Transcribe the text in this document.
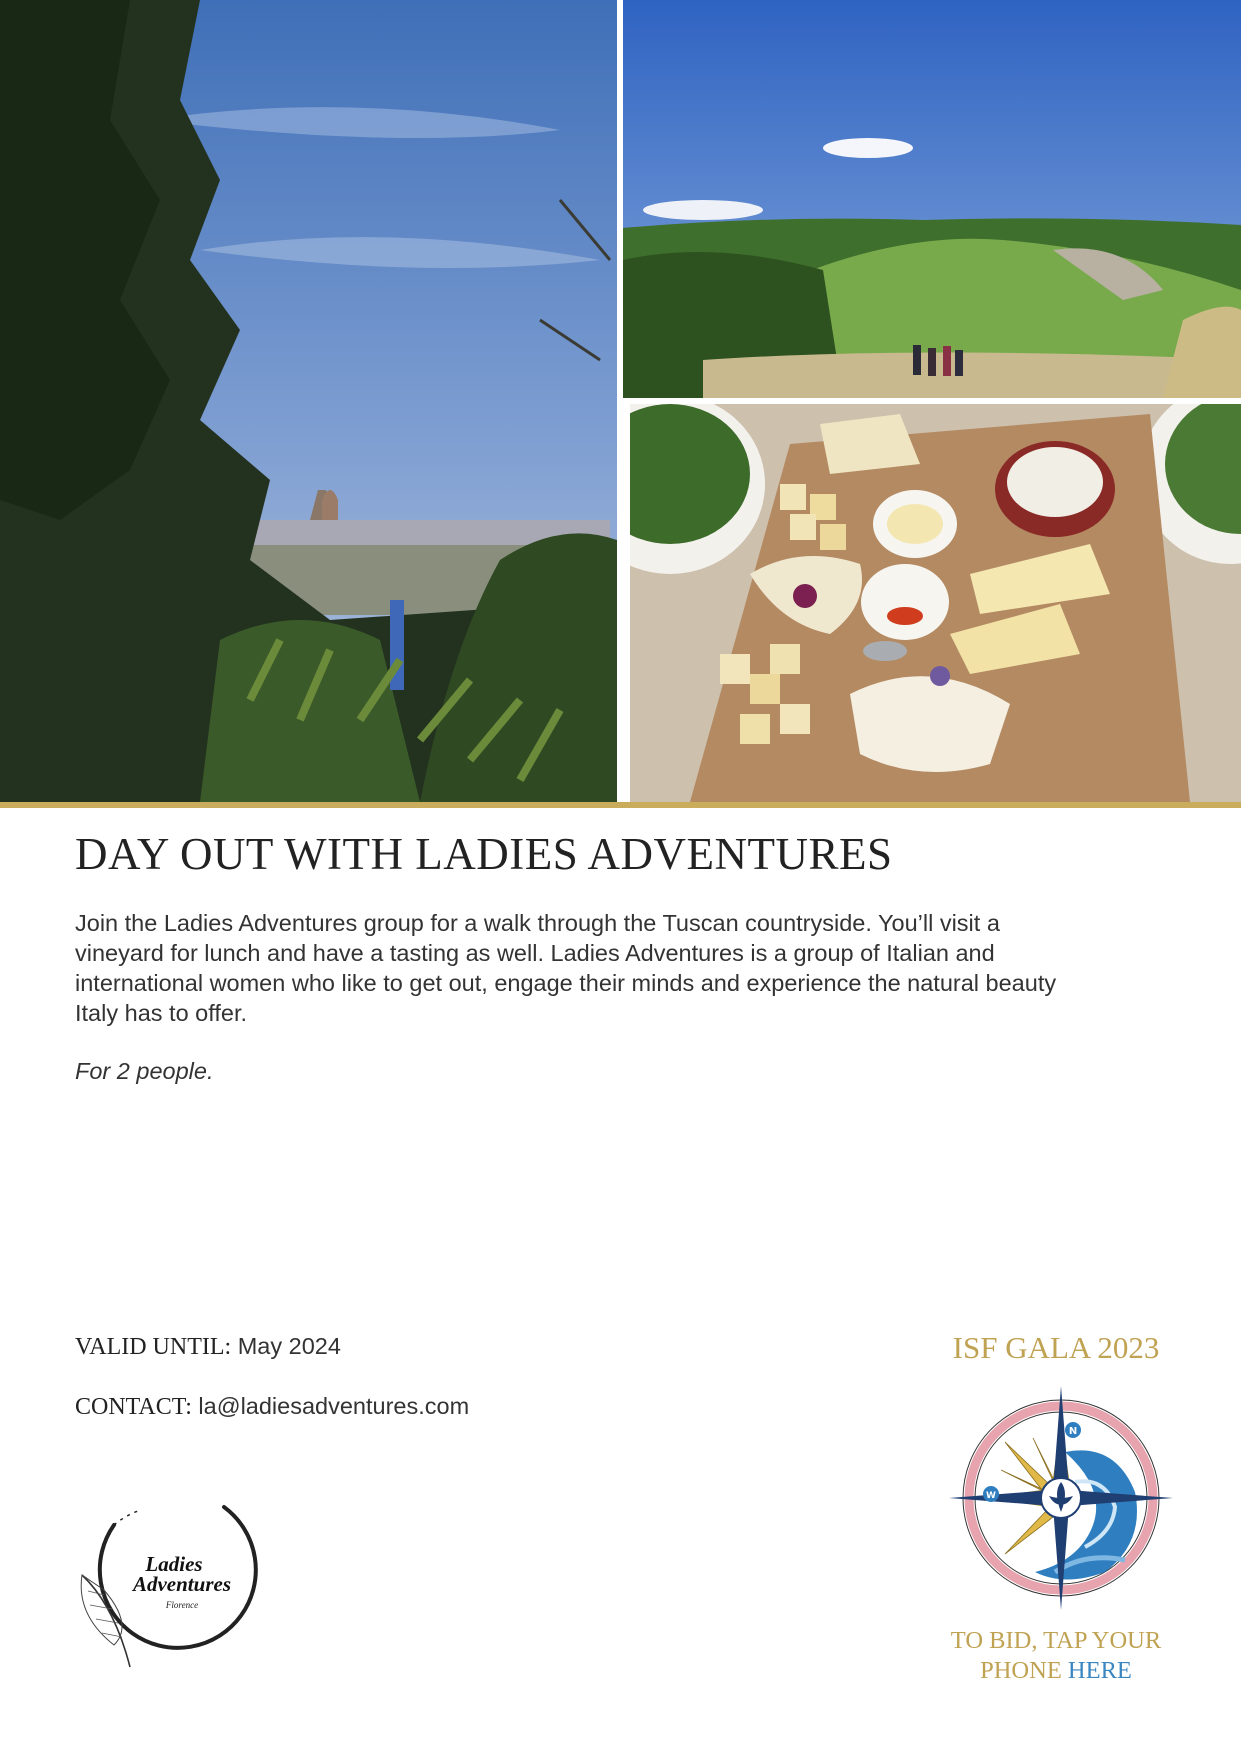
DAY OUT WITH LADIES ADVENTURES

Join the Ladies Adventures group for a walk through the Tuscan countryside. You’ll visit a vineyard for lunch and have a tasting as well. Ladies Adventures is a group of Italian and international women who like to get out, engage their minds and experience the natural beauty Italy has to offer.

For 2 people.

VALID UNTIL: May 2024
CONTACT: la@ladiesadventures.com
Ladies
Adventures
Florence
ISF GALA 2023
N
W
TO BID, TAP YOUR
PHONE HERE
